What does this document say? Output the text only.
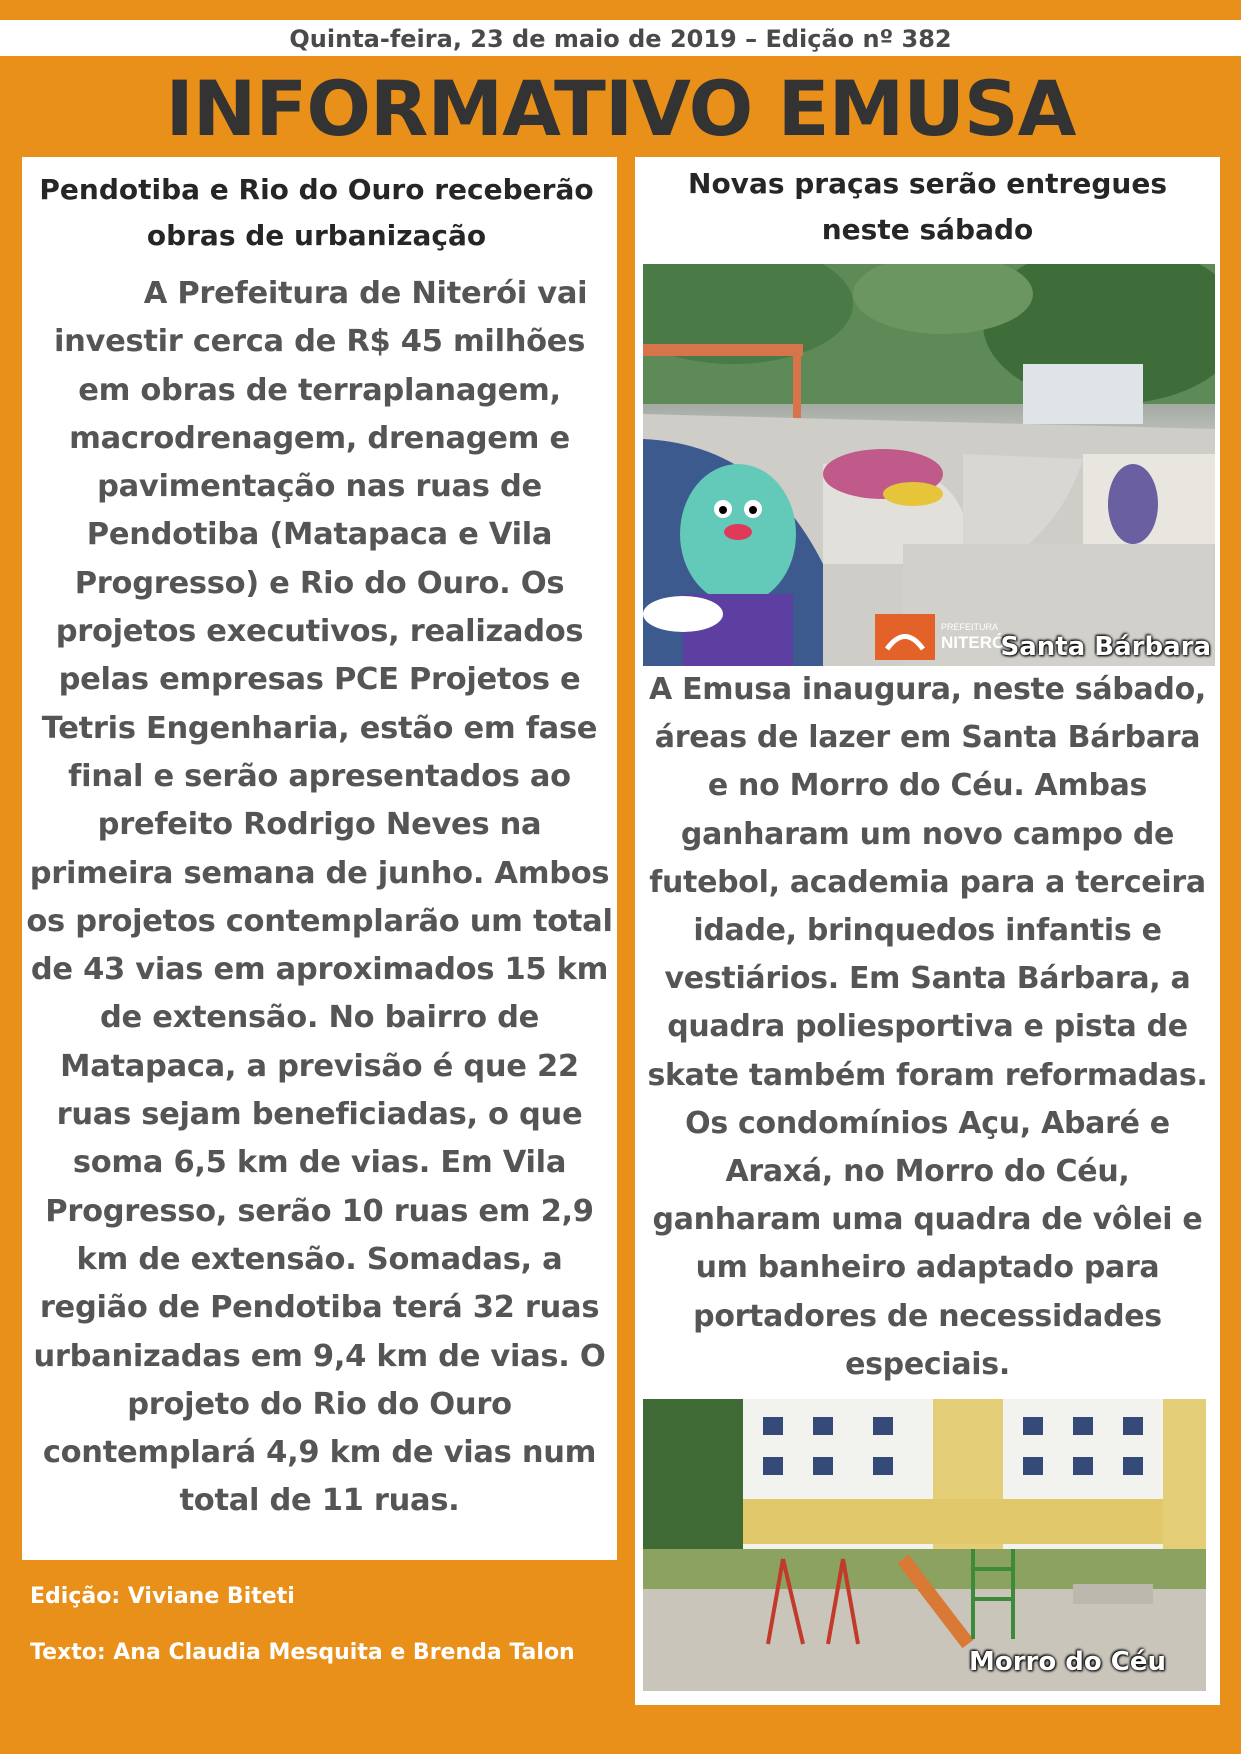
Quinta-feira, 23 de maio de 2019 – Edição nº 382
INFORMATIVO EMUSA
Pendotiba e Rio do Ouro receberão
obras de urbanização
A Prefeitura de Niterói vai investir cerca de R$ 45 milhões em obras de terraplanagem, macrodrenagem, drenagem e pavimentação nas ruas de Pendotiba (Matapaca e Vila Progresso) e Rio do Ouro. Os projetos executivos, realizados pelas empresas PCE Projetos e Tetris Engenharia, estão em fase final e serão apresentados ao prefeito Rodrigo Neves na primeira semana de junho. Ambos os projetos contemplarão um total de 43 vias em aproximados 15 km de extensão. No bairro de Matapaca, a previsão é que 22 ruas sejam beneficiadas, o que soma 6,5 km de vias. Em Vila Progresso, serão 10 ruas em 2,9 km de extensão. Somadas, a região de Pendotiba terá 32 ruas urbanizadas em 9,4 km de vias. O projeto do Rio do Ouro contemplará 4,9 km de vias num total de 11 ruas.
Novas praças serão entregues
neste sábado
PREFEITURA
NITERÓI
Santa Bárbara
A Emusa inaugura, neste sábado, áreas de lazer em Santa Bárbara e no Morro do Céu. Ambas ganharam um novo campo de futebol, academia para a terceira idade, brinquedos infantis e vestiários. Em Santa Bárbara, a quadra poliesportiva e pista de skate também foram reformadas. Os condomínios Açu, Abaré e Araxá, no Morro do Céu, ganharam uma quadra de vôlei e um banheiro adaptado para portadores de necessidades especiais.
Morro do Céu
Edição: Viviane Biteti
Texto: Ana Claudia Mesquita e Brenda Talon
